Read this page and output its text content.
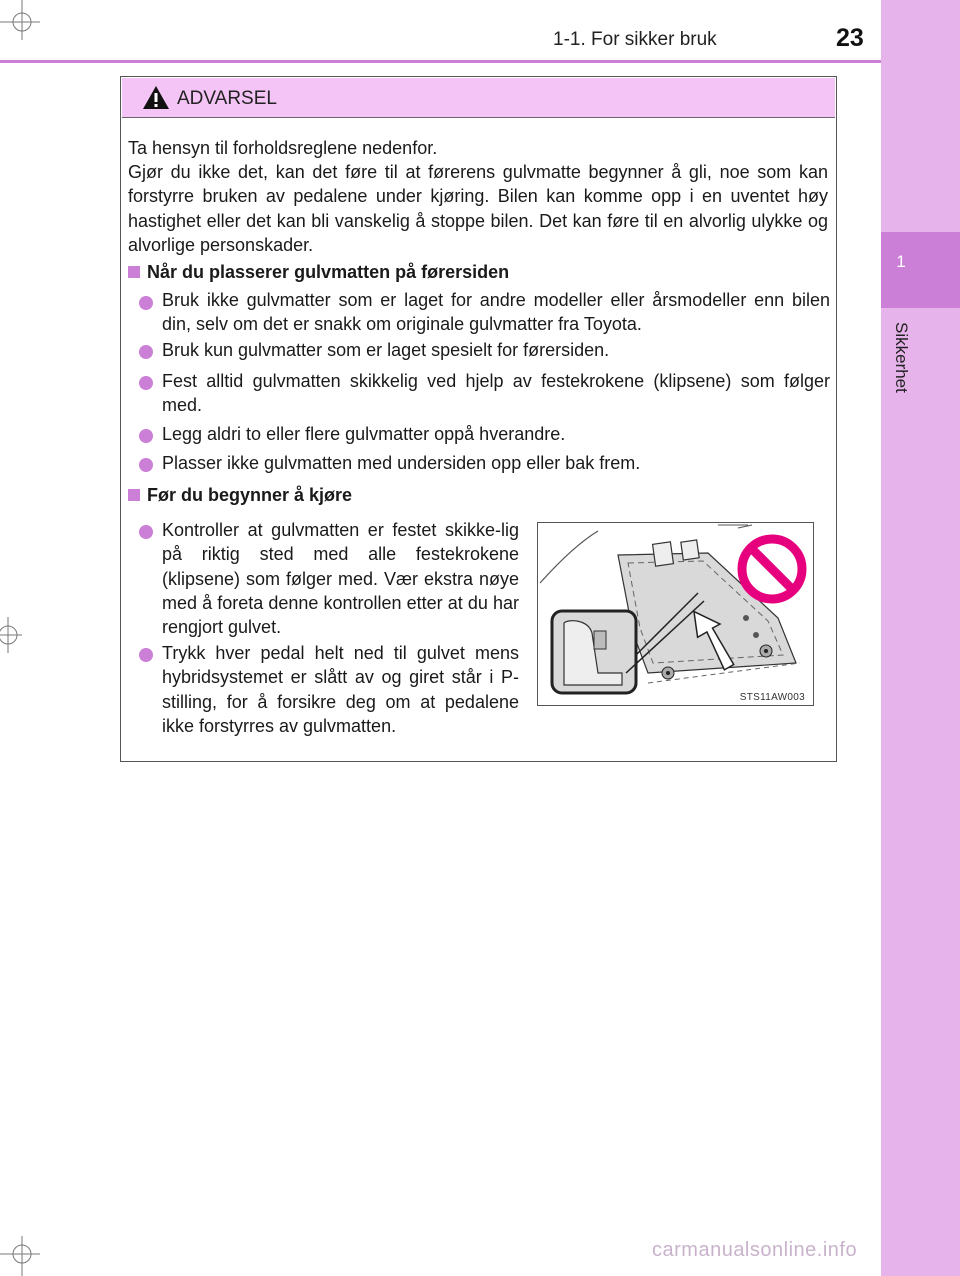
1
Sikkerhet
1-1. For sikker bruk	23
ADVARSEL

Ta hensyn til forholdsreglene nedenfor.

Gjør du ikke det, kan det føre til at førerens gulvmatte begynner å gli, noe som kan forstyrre bruken av pedalene under kjøring. Bilen kan komme opp i en uventet høy hastighet eller det kan bli vanskelig å stoppe bilen. Det kan føre til en alvorlig ulykke og alvorlige personskader.

Når du plasserer gulvmatten på førersiden

Bruk ikke gulvmatter som er laget for andre modeller eller årsmodeller enn bilen din, selv om det er snakk om originale gulvmatter fra Toyota.

Bruk kun gulvmatter som er laget spesielt for førersiden.

Fest alltid gulvmatten skikkelig ved hjelp av festekrokene (klipsene) som følger med.

Legg aldri to eller flere gulvmatter oppå hverandre.

Plasser ikke gulvmatten med undersiden opp eller bak frem.

Før du begynner å kjøre

Kontroller at gulvmatten er festet skikke-lig på riktig sted med alle festekrokene (klipsene) som følger med. Vær ekstra nøye med å foreta denne kontrollen etter at du har rengjort gulvet.

Trykk hver pedal helt ned til gulvet mens hybridsystemet er slått av og giret står i P-stilling, for å forsikre deg om at pedalene ikke forstyrres av gulvmatten.

STS11AW003
carmanualsonline.info
